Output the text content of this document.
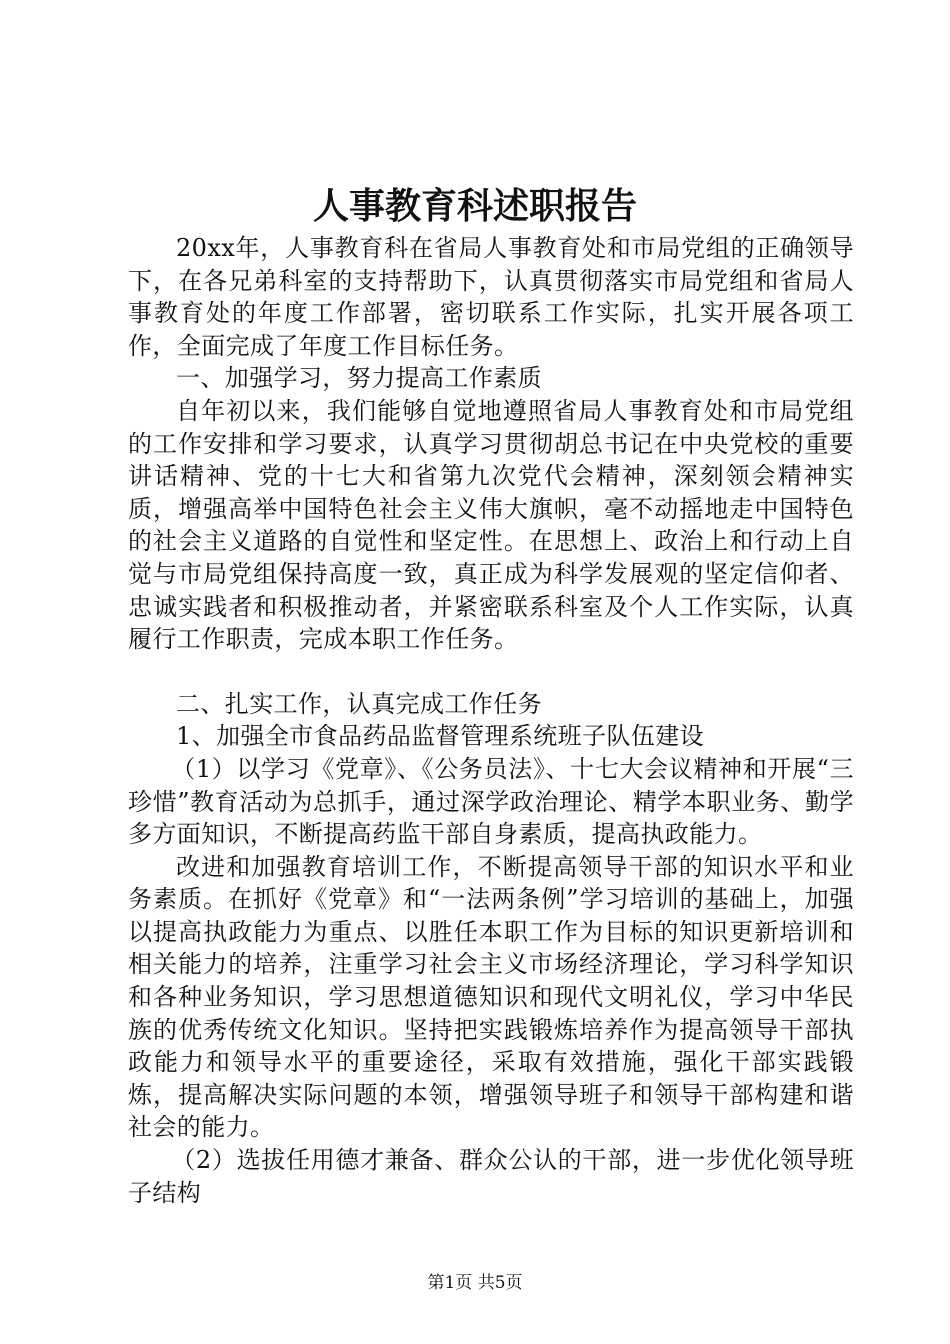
人事教育科述职报告

20xx年，人事教育科在省局人事教育处和市局党组的正确领导下，在各兄弟科室的支持帮助下，认真贯彻落实市局党组和省局人事教育处的年度工作部署，密切联系工作实际，扎实开展各项工作，全面完成了年度工作目标任务。

一、加强学习，努力提高工作素质

自年初以来，我们能够自觉地遵照省局人事教育处和市局党组的工作安排和学习要求，认真学习贯彻胡总书记在中央党校的重要讲话精神、党的十七大和省第九次党代会精神，深刻领会精神实质，增强高举中国特色社会主义伟大旗帜，毫不动摇地走中国特色的社会主义道路的自觉性和坚定性。在思想上、政治上和行动上自觉与市局党组保持高度一致，真正成为科学发展观的坚定信仰者、忠诚实践者和积极推动者，并紧密联系科室及个人工作实际，认真履行工作职责，完成本职工作任务。

二、扎实工作，认真完成工作任务

1、加强全市食品药品监督管理系统班子队伍建设

（1）以学习《党章》、《公务员法》、十七大会议精神和开展“三珍惜”教育活动为总抓手，通过深学政治理论、精学本职业务、勤学多方面知识，不断提高药监干部自身素质，提高执政能力。

改进和加强教育培训工作，不断提高领导干部的知识水平和业务素质。在抓好《党章》和“一法两条例”学习培训的基础上，加强以提高执政能力为重点、以胜任本职工作为目标的知识更新培训和相关能力的培养，注重学习社会主义市场经济理论，学习科学知识和各种业务知识，学习思想道德知识和现代文明礼仪，学习中华民族的优秀传统文化知识。坚持把实践锻炼培养作为提高领导干部执政能力和领导水平的重要途径，采取有效措施，强化干部实践锻炼，提高解决实际问题的本领，增强领导班子和领导干部构建和谐社会的能力。

（2）选拔任用德才兼备、群众公认的干部，进一步优化领导班子结构

第1页 共5页
